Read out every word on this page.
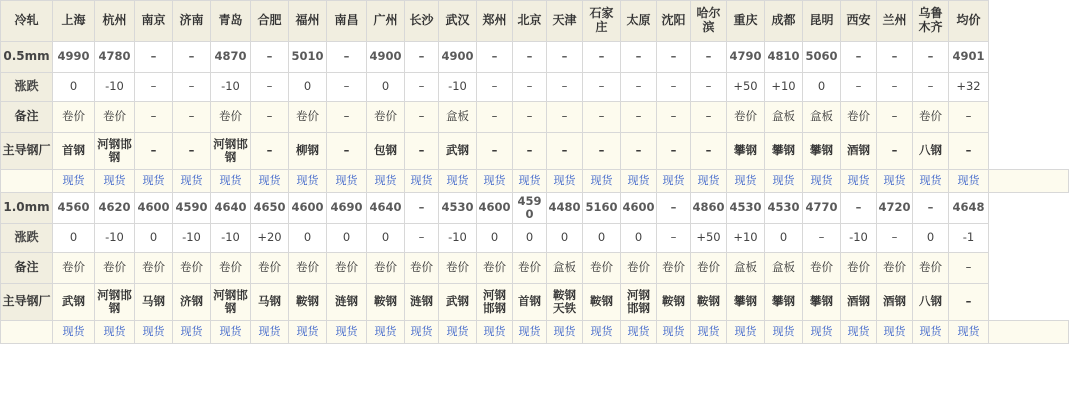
冷轧	上海	杭州	南京	济南	青岛	合肥	福州	南昌	广州	长沙	武汉	郑州	北京	天津	石家庄	太原	沈阳	哈尔滨	重庆	成都	昆明	西安	兰州	乌鲁木齐	均价	
0.5mm	4990	4780	–	–	4870	–	5010	–	4900	–	4900	–	–	–	–	–	–	–	4790	4810	5060	–	–	–	4901	
涨跌	0	-10	–	–	-10	–	0	–	0	–	-10	–	–	–	–	–	–	–	+50	+10	0	–	–	–	+32	
备注	卷价	卷价	–	–	卷价	–	卷价	–	卷价	–	盒板	–	–	–	–	–	–	–	卷价	盒板	盒板	卷价	–	卷价	–	
主导钢厂	首钢	河钢邯钢	–	–	河钢邯钢	–	柳钢	–	包钢	–	武钢	–	–	–	–	–	–	–	攀钢	攀钢	攀钢	酒钢	–	八钢	–	
	现货	现货	现货	现货	现货	现货	现货	现货	现货	现货	现货	现货	现货	现货	现货	现货	现货	现货	现货	现货	现货	现货	现货	现货	现货	
1.0mm	4560	4620	4600	4590	4640	4650	4600	4690	4640	–	4530	4600	4590	4480	5160	4600	–	4860	4530	4530	4770	–	4720	–	4648	
涨跌	0	-10	0	-10	-10	+20	0	0	0	–	-10	0	0	0	0	0	–	+50	+10	0	–	-10	–	0	-1	
备注	卷价	卷价	卷价	卷价	卷价	卷价	卷价	卷价	卷价	卷价	卷价	卷价	卷价	盒板	卷价	卷价	卷价	卷价	盒板	盒板	卷价	卷价	卷价	卷价	–	
主导钢厂	武钢	河钢邯钢	马钢	济钢	河钢邯钢	马钢	鞍钢	涟钢	鞍钢	涟钢	武钢	河钢邯钢	首钢	鞍钢天铁	鞍钢	河钢邯钢	鞍钢	鞍钢	攀钢	攀钢	攀钢	酒钢	酒钢	八钢	–	
	现货	现货	现货	现货	现货	现货	现货	现货	现货	现货	现货	现货	现货	现货	现货	现货	现货	现货	现货	现货	现货	现货	现货	现货	现货	
